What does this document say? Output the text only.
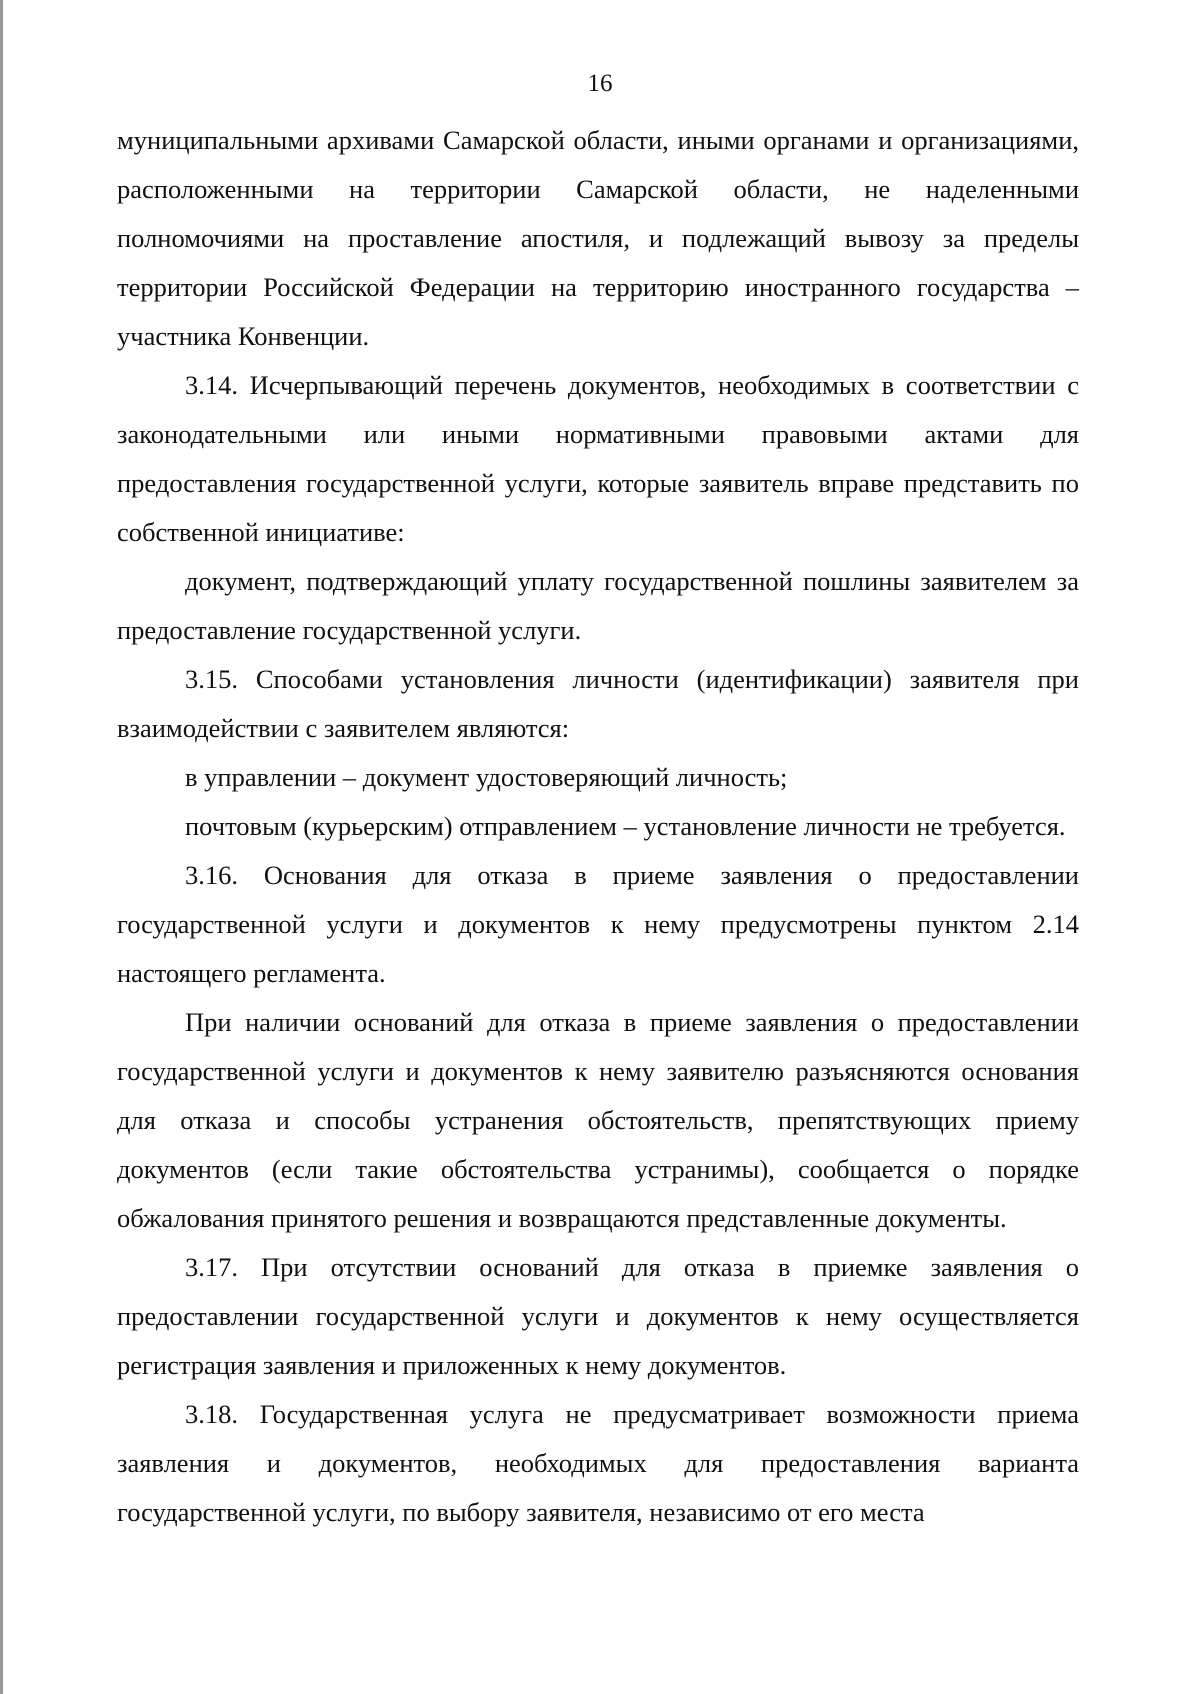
16

муниципальными архивами Самарской области, иными органами и организациями, расположенными на территории Самарской области, не наделенными полномочиями на проставление апостиля, и подлежащий вывозу за пределы территории Российской Федерации на территорию иностранного государства – участника Конвенции.

3.14. Исчерпывающий перечень документов, необходимых в соответствии с законодательными или иными нормативными правовыми актами для предоставления государственной услуги, которые заявитель вправе представить по собственной инициативе:

документ, подтверждающий уплату государственной пошлины заявителем за предоставление государственной услуги.

3.15. Способами установления личности (идентификации) заявителя при взаимодействии с заявителем являются:

в управлении – документ удостоверяющий личность;

почтовым (курьерским) отправлением – установление личности не требуется.

3.16. Основания для отказа в приеме заявления о предоставлении государственной услуги и документов к нему предусмотрены пунктом 2.14 настоящего регламента.

При наличии оснований для отказа в приеме заявления о предоставлении государственной услуги и документов к нему заявителю разъясняются основания для отказа и способы устранения обстоятельств, препятствующих приему документов (если такие обстоятельства устранимы), сообщается о порядке обжалования принятого решения и возвращаются представленные документы.

3.17. При отсутствии оснований для отказа в приемке заявления о предоставлении государственной услуги и документов к нему осуществляется регистрация заявления и приложенных к нему документов.

3.18. Государственная услуга не предусматривает возможности приема заявления и документов, необходимых для предоставления варианта государственной услуги, по выбору заявителя, независимо от его места
